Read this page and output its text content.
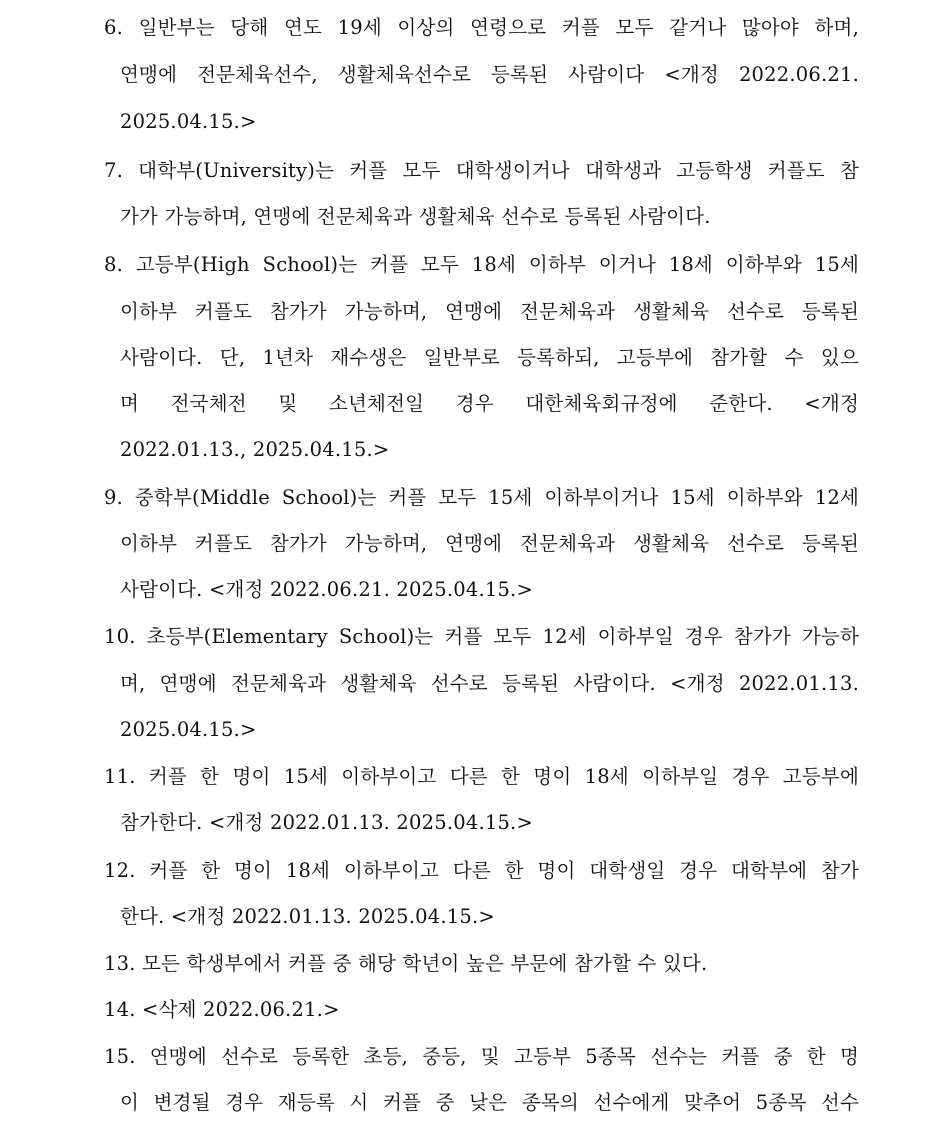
6. 일반부는 당해 연도 19세 이상의 연령으로 커플 모두 같거나 많아야 하며,
연맹에 전문체육선수, 생활체육선수로 등록된 사람이다 <개정 2022.06.21.
2025.04.15.>
7. 대학부(University)는 커플 모두 대학생이거나 대학생과 고등학생 커플도 참
가가 가능하며, 연맹에 전문체육과 생활체육 선수로 등록된 사람이다.
8. 고등부(High School)는 커플 모두 18세 이하부 이거나 18세 이하부와 15세
이하부 커플도 참가가 가능하며, 연맹에 전문체육과 생활체육 선수로 등록된
사람이다. 단, 1년차 재수생은 일반부로 등록하되, 고등부에 참가할 수 있으
며 전국체전 및 소년체전일 경우 대한체육회규정에 준한다. <개정
2022.01.13., 2025.04.15.>
9. 중학부(Middle School)는 커플 모두 15세 이하부이거나 15세 이하부와 12세
이하부 커플도 참가가 가능하며, 연맹에 전문체육과 생활체육 선수로 등록된
사람이다. <개정 2022.06.21. 2025.04.15.>
10. 초등부(Elementary School)는 커플 모두 12세 이하부일 경우 참가가 가능하
며, 연맹에 전문체육과 생활체육 선수로 등록된 사람이다. <개정 2022.01.13.
2025.04.15.>
11. 커플 한 명이 15세 이하부이고 다른 한 명이 18세 이하부일 경우 고등부에
참가한다. <개정 2022.01.13. 2025.04.15.>
12. 커플 한 명이 18세 이하부이고 다른 한 명이 대학생일 경우 대학부에 참가
한다. <개정 2022.01.13. 2025.04.15.>
13. 모든 학생부에서 커플 중 해당 학년이 높은 부문에 참가할 수 있다.
14. <삭제 2022.06.21.>
15. 연맹에 선수로 등록한 초등, 중등, 및 고등부 5종목 선수는 커플 중 한 명
이 변경될 경우 재등록 시 커플 중 낮은 종목의 선수에게 맞추어 5종목 선수
